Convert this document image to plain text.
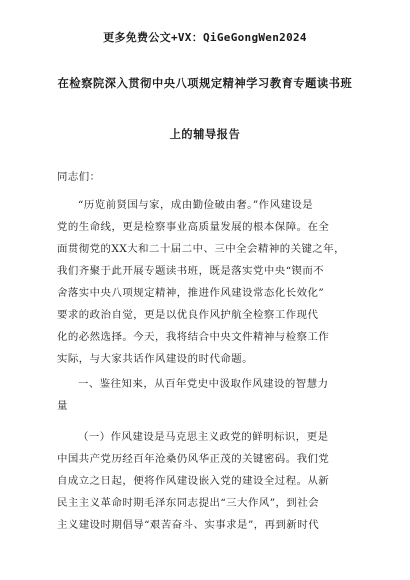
更多免费公文+VX：QiGeGongWen2024
在检察院深入贯彻中央八项规定精神学习教育专题读书班
上的辅导报告
同志们：
“历览前贤国与家，成由勤俭破由奢。”作风建设是
党的生命线，更是检察事业高质量发展的根本保障。在全
面贯彻党的XX大和二十届二中、三中全会精神的关键之年，
我们齐聚于此开展专题读书班，既是落实党中央“锲而不
舍落实中央八项规定精神，推进作风建设常态化长效化”
要求的政治自觉，更是以优良作风护航全检察工作现代
化的必然选择。今天，我将结合中央文件精神与检察工作
实际，与大家共话作风建设的时代命题。
一、鉴往知来，从百年党史中汲取作风建设的智慧力
量
（一）作风建设是马克思主义政党的鲜明标识，更是
中国共产党历经百年沧桑仍风华正茂的关键密码。我们党
自成立之日起，便将作风建设嵌入党的建设全过程。从新
民主主义革命时期毛泽东同志提出“三大作风”，到社会
主义建设时期倡导“艰苦奋斗、实事求是”，再到新时代
